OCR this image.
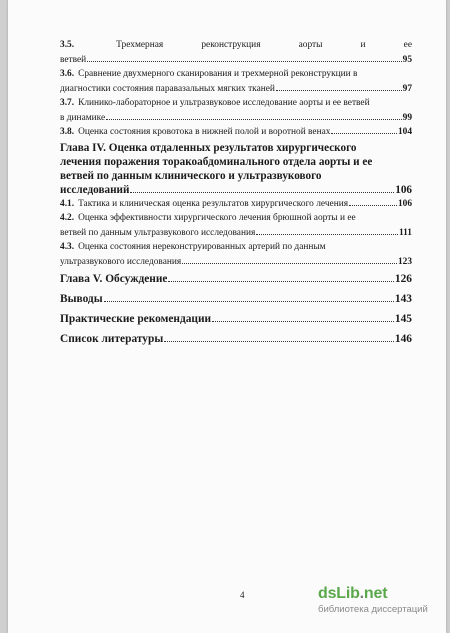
3.5.	Трехмерная	реконструкция	аорты	и	ее
ветвей	95
3.6. Сравнение двухмерного сканирования и трехмерной реконструкции в
диагностики состояния паравазальных мягких тканей	97
3.7. Клинико-лабораторное и ультразвуковое исследование аорты и ее ветвей
в динамике	99
3.8. Оценка состояния кровотока в нижней полой и воротной венах	104
Глава IV. Оценка отдаленных результатов хирургического
лечения поражения торакоабдоминального отдела аорты и ее
ветвей по данным клинического и ультразвукового
исследований	106
4.1. Тактика и клиническая оценка результатов хирургического лечения	106
4.2. Оценка эффективности хирургического лечения брюшной аорты и ее
ветвей по данным ультразвукового исследования	111
4.3. Оценка состояния нереконструированных артерий по данным
ультразвукового исследования	123
Глава V. Обсуждение	126
Выводы	143
Практические рекомендации	145
Список литературы	146
4	dsLib.net
библиотека диссертаций
